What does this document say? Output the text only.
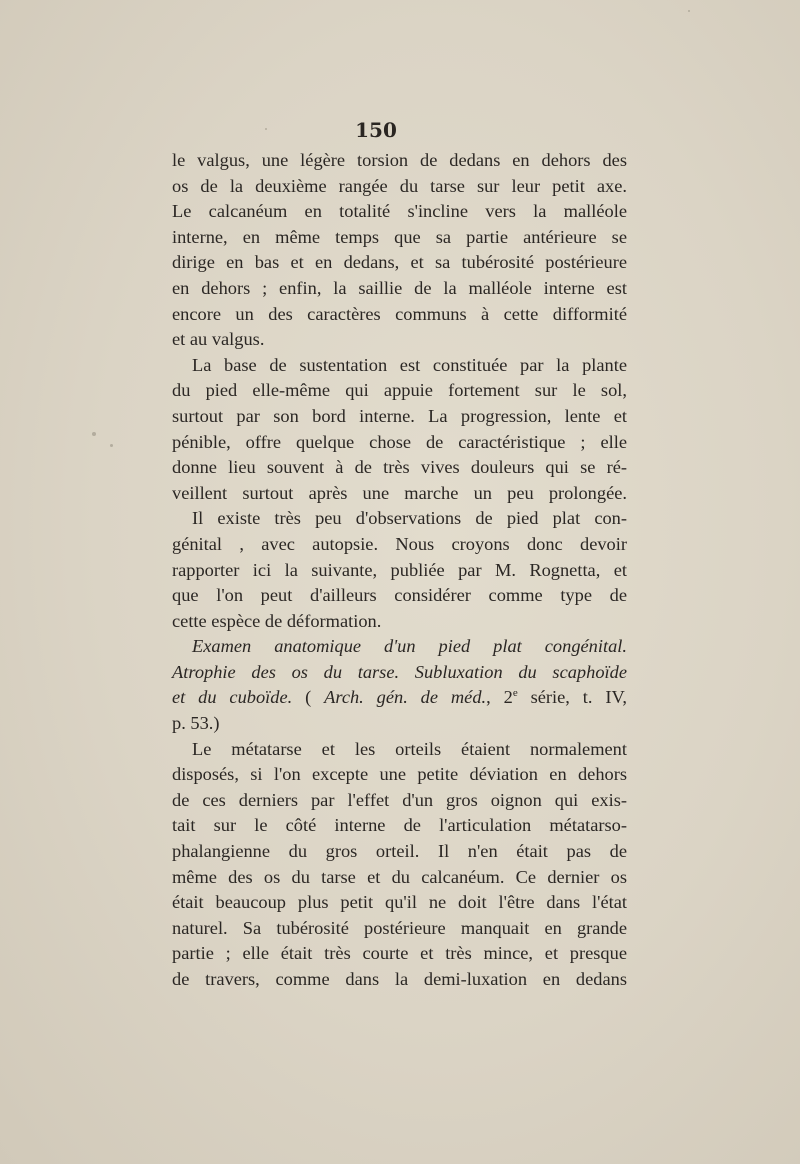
150
le valgus, une légère torsion de dedans en dehors des
os de la deuxième rangée du tarse sur leur petit axe.
Le calcanéum en totalité s'incline vers la malléole
interne, en même temps que sa partie antérieure se
dirige en bas et en dedans, et sa tubérosité postérieure
en dehors ; enfin, la saillie de la malléole interne est
encore un des caractères communs à cette difformité
et au valgus.
La base de sustentation est constituée par la plante
du pied elle-même qui appuie fortement sur le sol,
surtout par son bord interne. La progression, lente et
pénible, offre quelque chose de caractéristique ; elle
donne lieu souvent à de très vives douleurs qui se ré-
veillent surtout après une marche un peu prolongée.
Il existe très peu d'observations de pied plat con-
génital , avec autopsie. Nous croyons donc devoir
rapporter ici la suivante, publiée par M. Rognetta, et
que l'on peut d'ailleurs considérer comme type de
cette espèce de déformation.
Examen anatomique d'un pied plat congénital.
Atrophie des os du tarse. Subluxation du scaphoïde
et du cuboïde. ( Arch. gén. de méd., 2e série, t. IV,
p. 53.)
Le métatarse et les orteils étaient normalement
disposés, si l'on excepte une petite déviation en dehors
de ces derniers par l'effet d'un gros oignon qui exis-
tait sur le côté interne de l'articulation métatarso-
phalangienne du gros orteil. Il n'en était pas de
même des os du tarse et du calcanéum. Ce dernier os
était beaucoup plus petit qu'il ne doit l'être dans l'état
naturel. Sa tubérosité postérieure manquait en grande
partie ; elle était très courte et très mince, et presque
de travers, comme dans la demi-luxation en dedans
